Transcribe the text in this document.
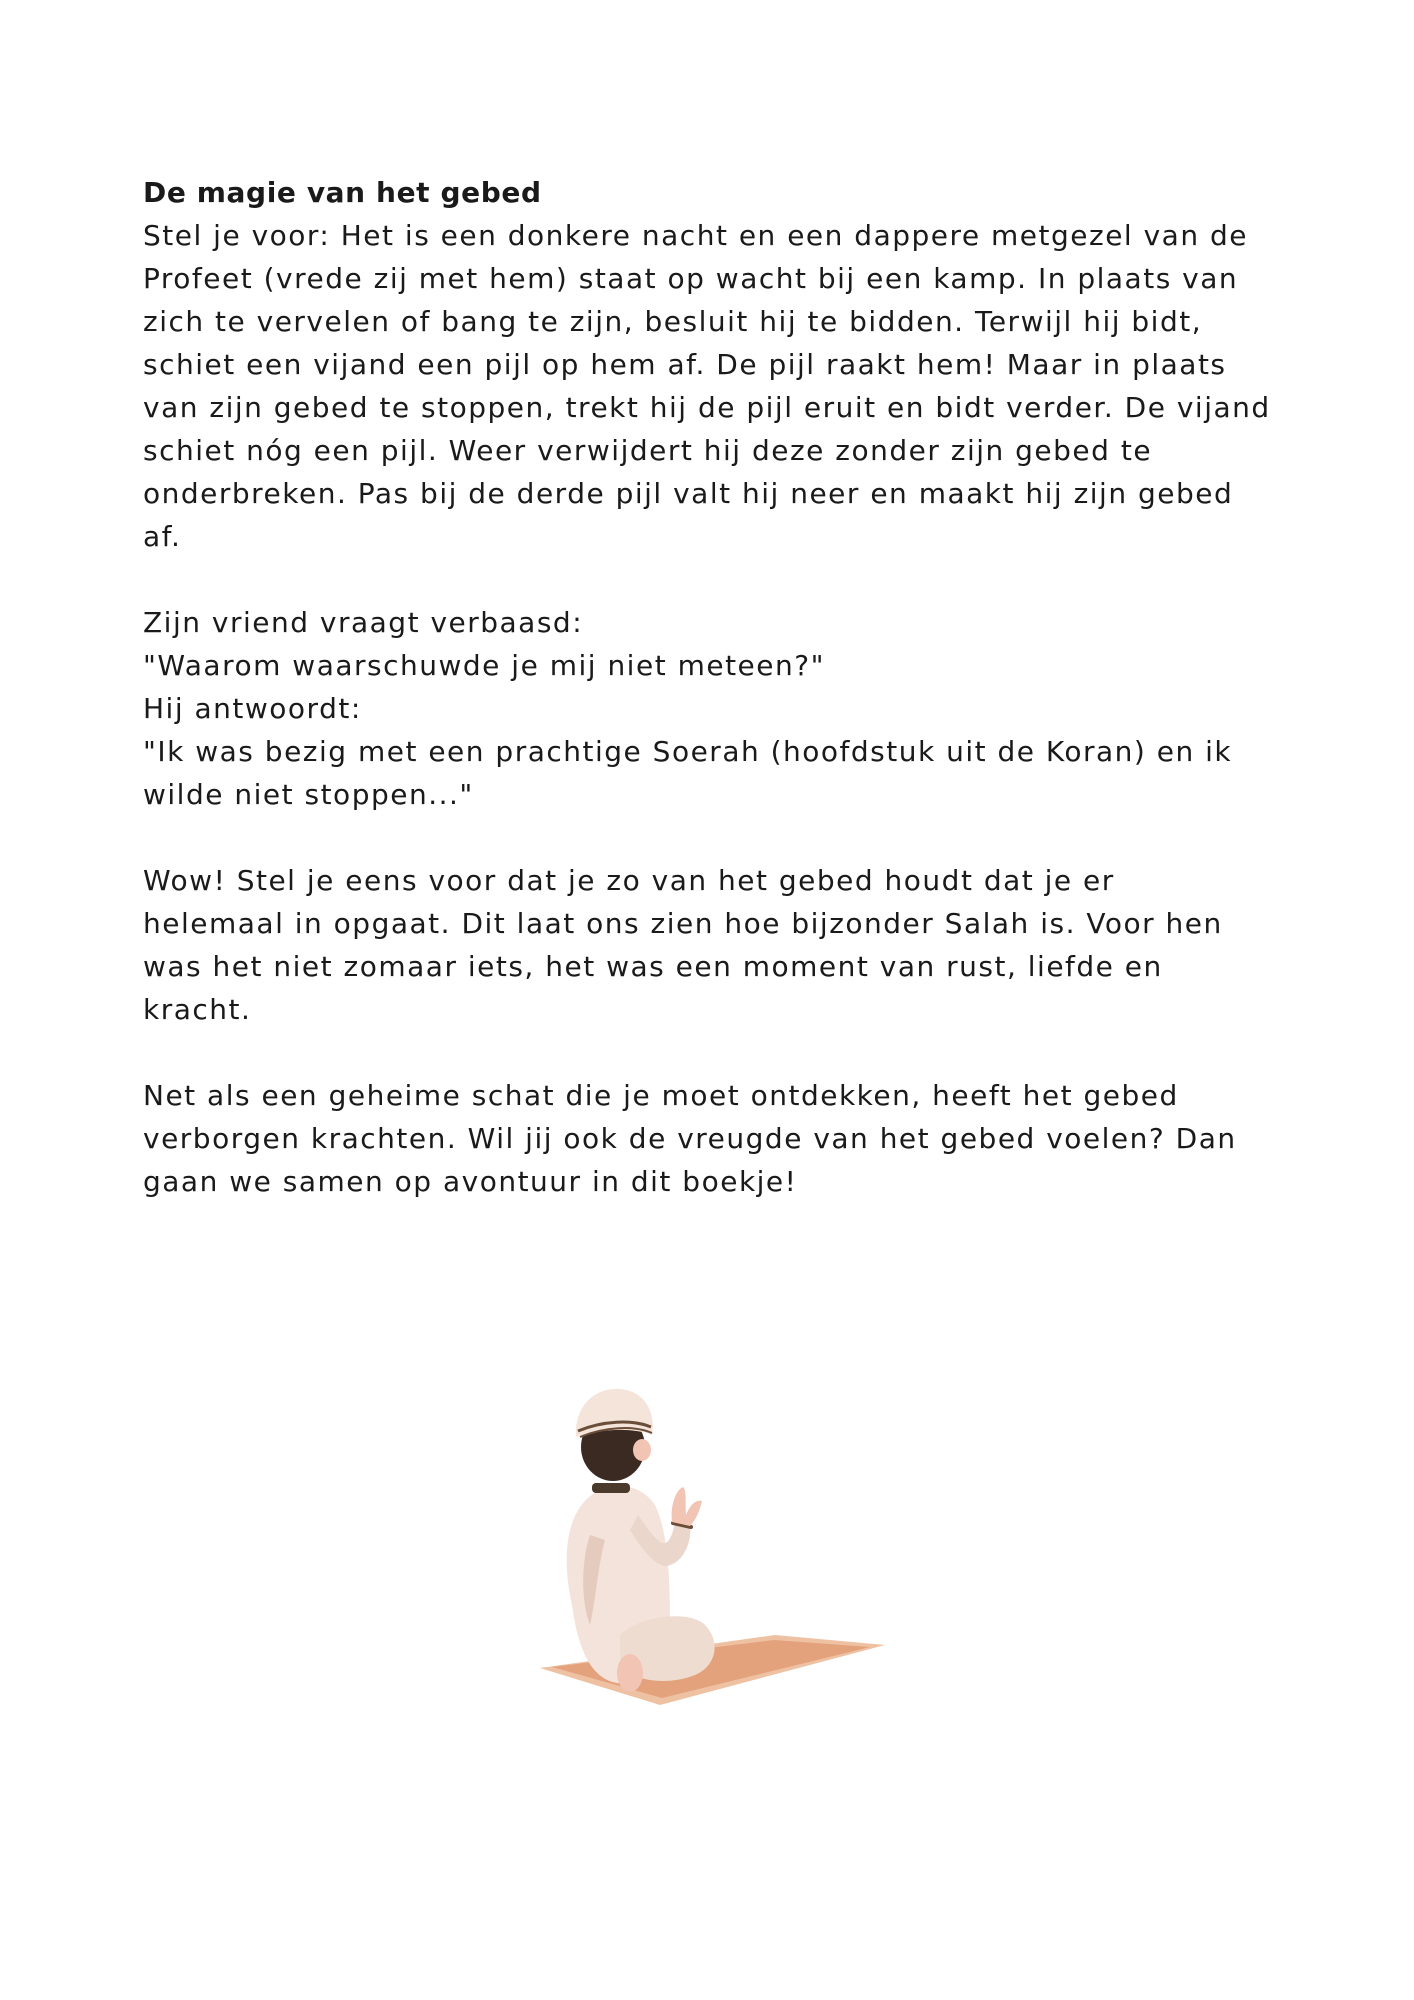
De magie van het gebed

Stel je voor: Het is een donkere nacht en een dappere metgezel van de
Profeet (vrede zij met hem) staat op wacht bij een kamp. In plaats van
zich te vervelen of bang te zijn, besluit hij te bidden. Terwijl hij bidt,
schiet een vijand een pijl op hem af. De pijl raakt hem! Maar in plaats
van zijn gebed te stoppen, trekt hij de pijl eruit en bidt verder. De vijand
schiet nóg een pijl. Weer verwijdert hij deze zonder zijn gebed te
onderbreken. Pas bij de derde pijl valt hij neer en maakt hij zijn gebed
af.

Zijn vriend vraagt verbaasd:
"Waarom waarschuwde je mij niet meteen?"
Hij antwoordt:
"Ik was bezig met een prachtige Soerah (hoofdstuk uit de Koran) en ik
wilde niet stoppen..."

Wow! Stel je eens voor dat je zo van het gebed houdt dat je er
helemaal in opgaat. Dit laat ons zien hoe bijzonder Salah is. Voor hen
was het niet zomaar iets, het was een moment van rust, liefde en
kracht.

Net als een geheime schat die je moet ontdekken, heeft het gebed
verborgen krachten. Wil jij ook de vreugde van het gebed voelen? Dan
gaan we samen op avontuur in dit boekje!
